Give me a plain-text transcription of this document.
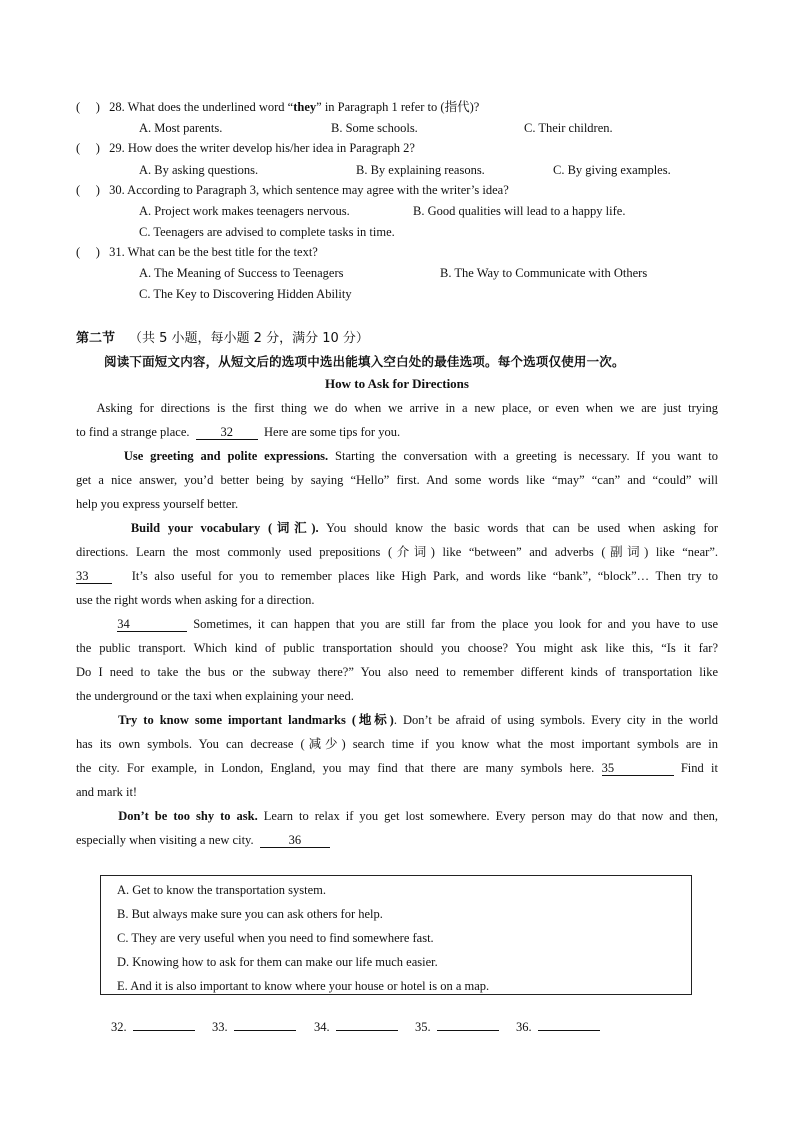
( ) 28. What does the underlined word “they” in Paragraph 1 refer to (指代)?
A. Most parents.	B. Some schools.	C. Their children.
( ) 29. How does the writer develop his/her idea in Paragraph 2?
A. By asking questions.	B. By explaining reasons.	C. By giving examples.
( ) 30. According to Paragraph 3, which sentence may agree with the writer’s idea?
A. Project work makes teenagers nervous.	B. Good qualities will lead to a happy life.
C. Teenagers are advised to complete tasks in time.
( ) 31. What can be the best title for the text?
A. The Meaning of Success to Teenagers	B. The Way to Communicate with Others
C. The Key to Discovering Hidden Ability
第二节 （共 5 小题，每小题 2 分，满分 10 分）
阅读下面短文内容，从短文后的选项中选出能填入空白处的最佳选项。每个选项仅使用一次。
How to Ask for Directions
Asking for directions is the first thing we do when we arrive in a new place, or even when we are just trying
to find a strange place. 32 Here are some tips for you.
Use greeting and polite expressions. Starting the conversation with a greeting is necessary. If you want to
get a nice answer, you’d better being by saying “Hello” first. And some words like “may” “can” and “could” will
help you express yourself better.
Build your vocabulary (词汇). You should know the basic words that can be used when asking for
directions. Learn the most commonly used prepositions (介词) like “between” and adverbs (副词) like “near”.
33	It’s also useful for you to remember places like High Park, and words like “bank”, “block”… Then try to
use the right words when asking for a direction.
34	Sometimes, it can happen that you are still far from the place you look for and you have to use
the public transport. Which kind of public transportation should you choose? You might ask like this, “Is it far?
Do I need to take the bus or the subway there?” You also need to remember different kinds of transportation like
the underground or the taxi when explaining your need.
Try to know some important landmarks (地标). Don’t be afraid of using symbols. Every city in the world
has its own symbols. You can decrease (减少) search time if you know what the most important symbols are in
the city. For example, in London, England, you may find that there are many symbols here. 35	Find it
and mark it!
Don’t be too shy to ask. Learn to relax if you get lost somewhere. Every person may do that now and then,
especially when visiting a new city.	36
A. Get to know the transportation system.
B. But always make sure you can ask others for help.
C. They are very useful when you need to find somewhere fast.
D. Knowing how to ask for them can make our life much easier.
E. And it is also important to know where your house or hotel is on a map.
32.	33.	34.	35.	36.
